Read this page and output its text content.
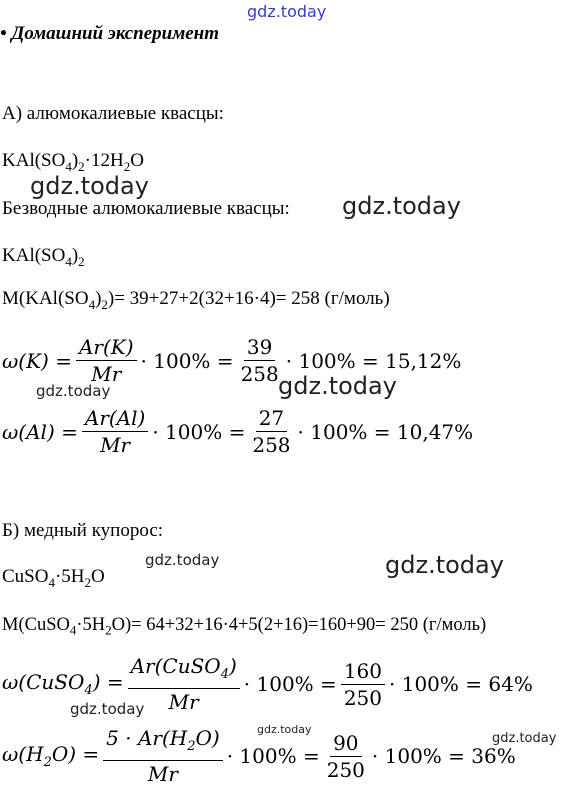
gdz.today
gdz.today
gdz.today
gdz.today	gdz.today
gdz.today	gdz.today
gdz.today
gdz.today
gdz.today
• Домашний эксперимент
А) алюмокалиевые квасцы:
$KAl(SO_4)_2\cdot 12H_2O$
Безводные алюмокалиевые квасцы:
$KAl(SO_4)_2$
$M(KAl(SO_4)_2)= 39+27+2(32+16\cdot 4)= 258$ (г/моль)
$\omega(K) = \frac{Ar(K)}{Mr} \cdot 100\% = \frac{39}{258} \cdot 100\% = 15,12\%$
$\omega(Al) = \frac{Ar(Al)}{Mr} \cdot 100\% = \frac{27}{258} \cdot 100\% = 10,47\%$
Б) медный купорос:
$CuSO_4\cdot 5H_2O$
$M(CuSO_4\cdot 5H_2O)= 64+32+16\cdot 4+5(2+16)=160+90= 250$ (г/моль)
ω(CuSO$_4$) = $\frac{Ar(CuSO_4)}{Mr} \cdot 100\% = \frac{160}{250} \cdot 100\% = 64\%$
$\omega(H_2O) = \frac{5 \cdot Ar(H_2O)}{Mr} \cdot 100\% = \frac{90}{250} \cdot 100\% = 36\%$
